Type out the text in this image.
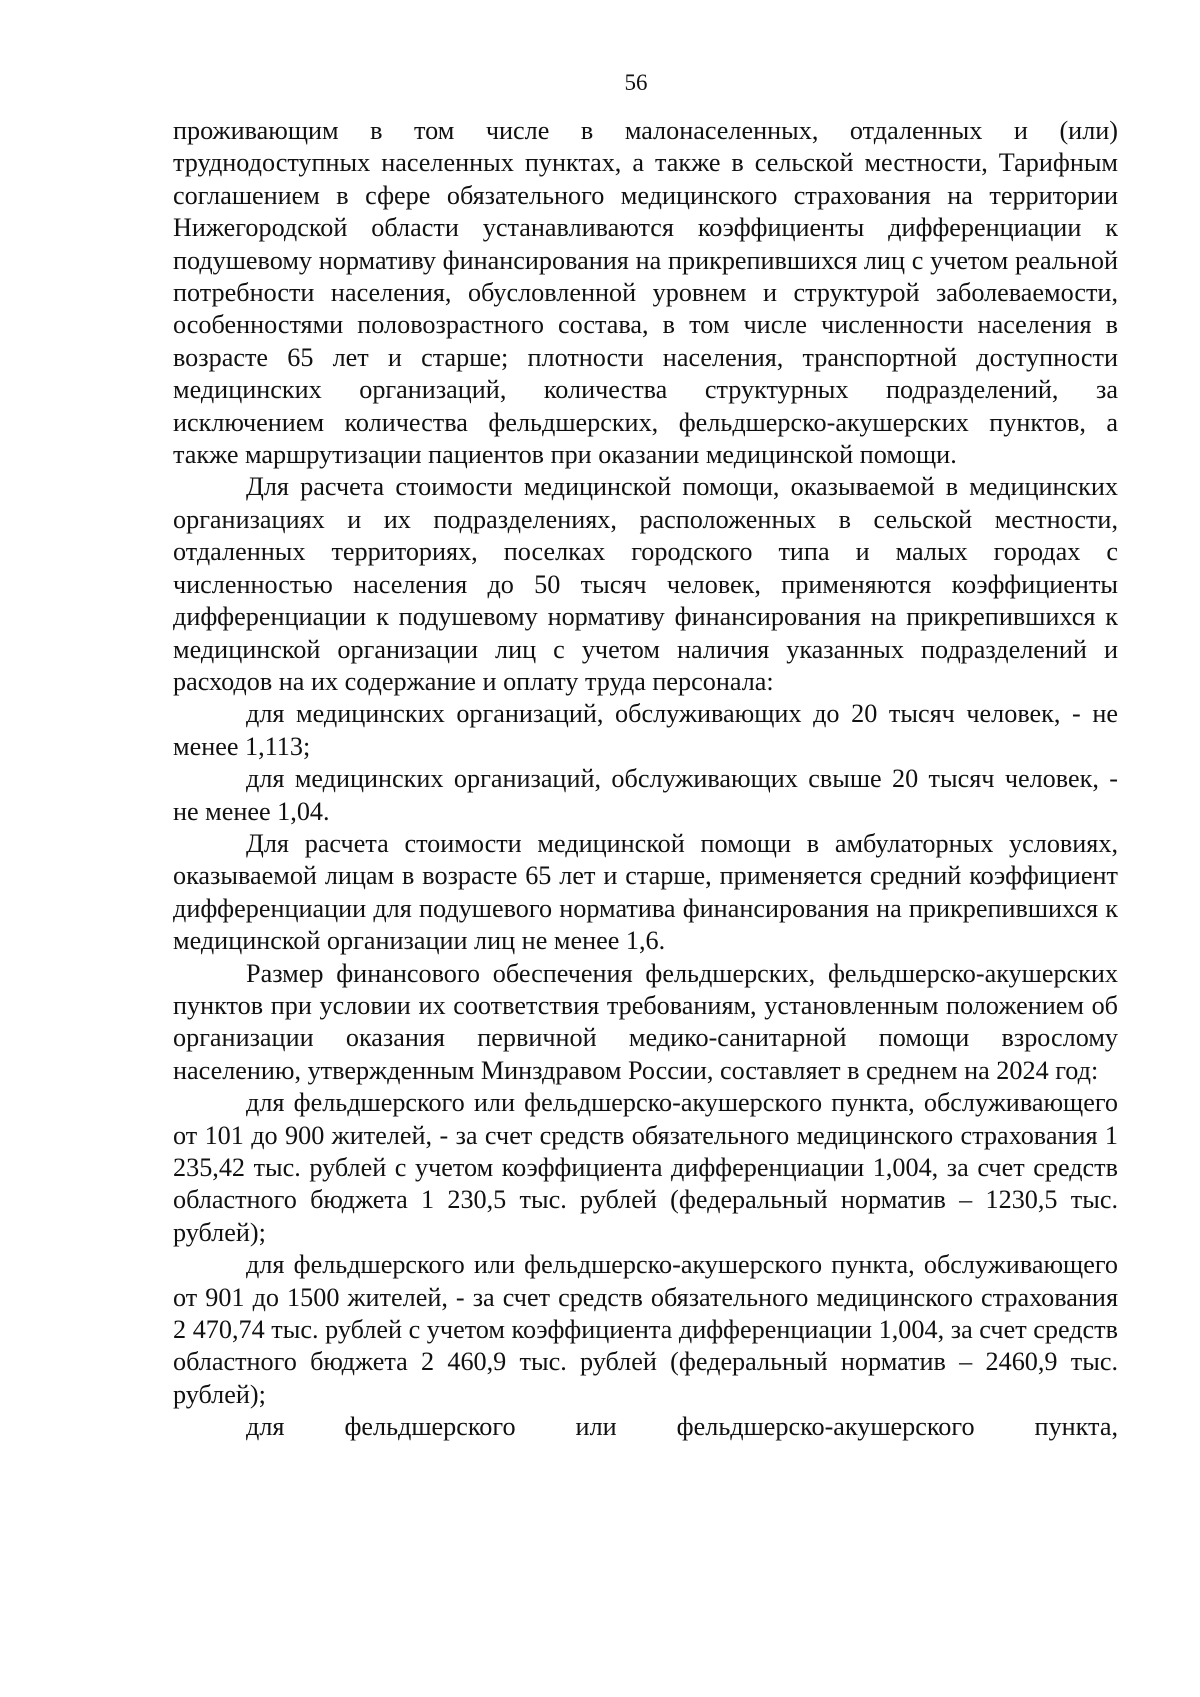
56

проживающим в том числе в малонаселенных, отдаленных и (или) труднодоступных населенных пунктах, а также в сельской местности, Тарифным соглашением в сфере обязательного медицинского страхования на территории Нижегородской области устанавливаются коэффициенты дифференциации к подушевому нормативу финансирования на прикрепившихся лиц с учетом реальной потребности населения, обусловленной уровнем и структурой заболеваемости, особенностями половозрастного состава, в том числе численности населения в возрасте 65 лет и старше; плотности населения, транспортной доступности медицинских организаций, количества структурных подразделений, за исключением количества фельдшерских, фельдшерско-акушерских пунктов, а также маршрутизации пациентов при оказании медицинской помощи.

Для расчета стоимости медицинской помощи, оказываемой в медицинских организациях и их подразделениях, расположенных в сельской местности, отдаленных территориях, поселках городского типа и малых городах с численностью населения до 50 тысяч человек, применяются коэффициенты дифференциации к подушевому нормативу финансирования на прикрепившихся к медицинской организации лиц с учетом наличия указанных подразделений и расходов на их содержание и оплату труда персонала:

для медицинских организаций, обслуживающих до 20 тысяч человек, - не менее 1,113;

для медицинских организаций, обслуживающих свыше 20 тысяч человек, - не менее 1,04.

Для расчета стоимости медицинской помощи в амбулаторных условиях, оказываемой лицам в возрасте 65 лет и старше, применяется средний коэффициент дифференциации для подушевого норматива финансирования на прикрепившихся к медицинской организации лиц не менее 1,6.

Размер финансового обеспечения фельдшерских, фельдшерско-акушерских пунктов при условии их соответствия требованиям, установленным положением об организации оказания первичной медико-санитарной помощи взрослому населению, утвержденным Минздравом России, составляет в среднем на 2024 год:

для фельдшерского или фельдшерско-акушерского пункта, обслуживающего от 101 до 900 жителей, - за счет средств обязательного медицинского страхования 1 235,42 тыс. рублей с учетом коэффициента дифференциации 1,004, за счет средств областного бюджета 1 230,5 тыс. рублей (федеральный норматив – 1230,5 тыс. рублей);

для фельдшерского или фельдшерско-акушерского пункта, обслуживающего от 901 до 1500 жителей, - за счет средств обязательного медицинского страхования 2 470,74 тыс. рублей с учетом коэффициента дифференциации 1,004, за счет средств областного бюджета 2 460,9 тыс. рублей (федеральный норматив – 2460,9 тыс. рублей);

для фельдшерского или фельдшерско-акушерского пункта,
